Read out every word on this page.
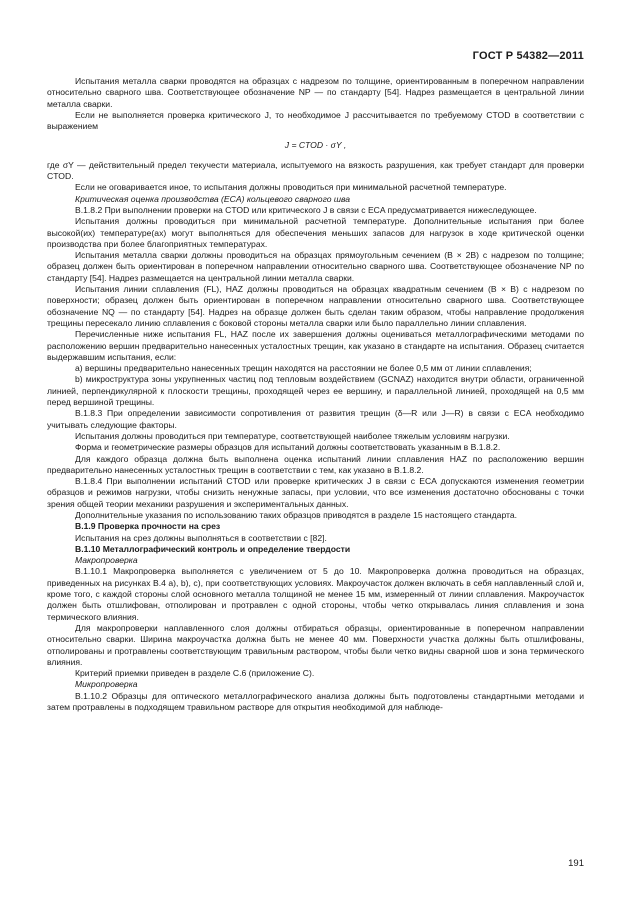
ГОСТ Р 54382—2011

Испытания металла сварки проводятся на образцах с надрезом по толщине, ориентированным в поперечном направлении относительно сварного шва. Соответствующее обозначение NP — по стандарту [54]. Надрез размещается в центральной линии металла сварки.

Если не выполняется проверка критического J, то необходимое J рассчитывается по требуемому CTOD в соответствии с выражением

J = CTOD · σY ,

где σY — действительный предел текучести материала, испытуемого на вязкость разрушения, как требует стандарт для проверки CTOD.

Если не оговаривается иное, то испытания должны проводиться при минимальной расчетной температуре.

Критическая оценка производства (ECA) кольцевого сварного шва

В.1.8.2 При выполнении проверки на CTOD или критического J в связи с ECA предусматривается нижеследующее.

Испытания должны проводиться при минимальной расчетной температуре. Дополнительные испытания при более высокой(их) температуре(ах) могут выполняться для обеспечения меньших запасов для нагрузок в ходе критической оценки производства при более благоприятных температурах.

Испытания металла сварки должны проводиться на образцах прямоугольным сечением (B × 2B) с надрезом по толщине; образец должен быть ориентирован в поперечном направлении относительно сварного шва. Соответствующее обозначение NP по стандарту [54]. Надрез размещается на центральной линии металла сварки.

Испытания линии сплавления (FL), HAZ должны проводиться на образцах квадратным сечением (B × B) с надрезом по поверхности; образец должен быть ориентирован в поперечном направлении относительно сварного шва. Соответствующее обозначение NQ — по стандарту [54]. Надрез на образце должен быть сделан таким образом, чтобы направление продолжения трещины пересекало линию сплавления с боковой стороны металла сварки или было параллельно линии сплавления.

Перечисленные ниже испытания FL, HAZ после их завершения должны оцениваться металлографическими методами по расположению вершин предварительно нанесенных усталостных трещин, как указано в стандарте на испытания. Образец считается выдержавшим испытания, если:

а) вершины предварительно нанесенных трещин находятся на расстоянии не более 0,5 мм от линии сплавления;

b) микроструктура зоны укрупненных частиц под тепловым воздействием (GCNAZ) находится внутри области, ограниченной линией, перпендикулярной к плоскости трещины, проходящей через ее вершину, и параллельной линией, проходящей на 0,5 мм перед вершиной трещины.

В.1.8.3 При определении зависимости сопротивления от развития трещин (δ—R или J—R) в связи с ECA необходимо учитывать следующие факторы.

Испытания должны проводиться при температуре, соответствующей наиболее тяжелым условиям нагрузки.

Форма и геометрические размеры образцов для испытаний должны соответствовать указанным в В.1.8.2.

Для каждого образца должна быть выполнена оценка испытаний линии сплавления HAZ по расположению вершин предварительно нанесенных усталостных трещин в соответствии с тем, как указано в В.1.8.2.

В.1.8.4 При выполнении испытаний CTOD или проверке критических J в связи с ECA допускаются изменения геометрии образцов и режимов нагрузки, чтобы снизить ненужные запасы, при условии, что все изменения достаточно обоснованы с точки зрения общей теории механики разрушения и экспериментальных данных.

Дополнительные указания по использованию таких образцов приводятся в разделе 15 настоящего стандарта.

В.1.9 Проверка прочности на срез

Испытания на срез должны выполняться в соответствии с [82].

В.1.10 Металлографический контроль и определение твердости

Макропроверка

В.1.10.1 Макропроверка выполняется с увеличением от 5 до 10. Макропроверка должна проводиться на образцах, приведенных на рисунках В.4 а), b), с), при соответствующих условиях. Макроучасток должен включать в себя наплавленный слой и, кроме того, с каждой стороны слой основного металла толщиной не менее 15 мм, измеренный от линии сплавления. Макроучасток должен быть отшлифован, отполирован и протравлен с одной стороны, чтобы четко открывалась линия сплавления и зона термического влияния.

Для макропроверки наплавленного слоя должны отбираться образцы, ориентированные в поперечном направлении относительно сварки. Ширина макроучастка должна быть не менее 40 мм. Поверхности участка должны быть отшлифованы, отполированы и протравлены соответствующим травильным раствором, чтобы были четко видны сварной шов и зона термического влияния.

Критерий приемки приведен в разделе С.6 (приложение С).

Микропроверка

В.1.10.2 Образцы для оптического металлографического анализа должны быть подготовлены стандартными методами и затем протравлены в подходящем травильном растворе для открытия необходимой для наблюде-

191
